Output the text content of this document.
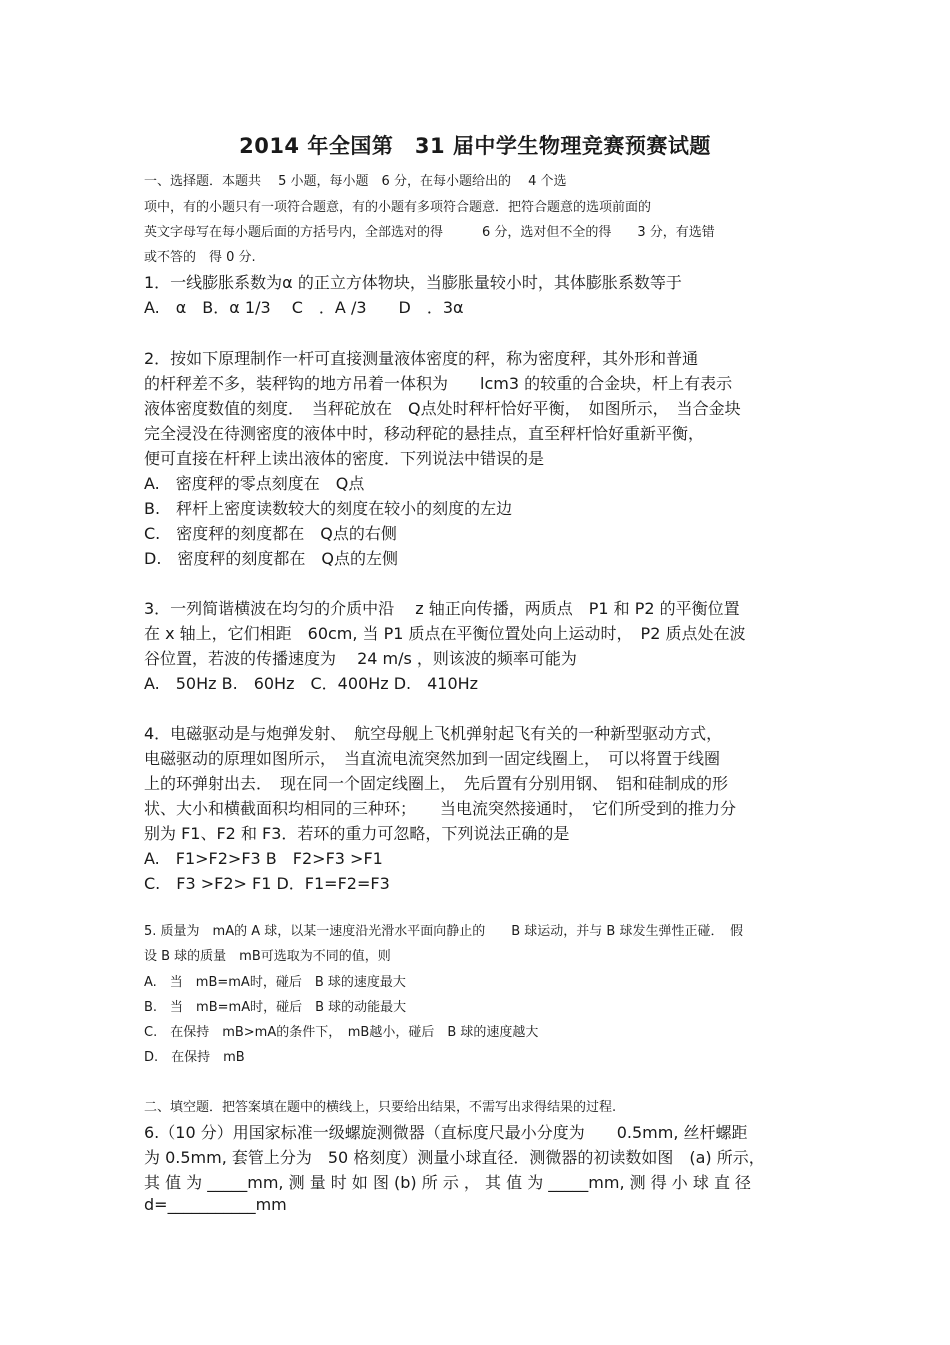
2014 年全国第　31 届中学生物理竞赛预赛试题
一、选择题．本题共　 5 小题，每小题　6 分，在每小题给出的　 4 个选
项中，有的小题只有一项符合题意，有的小题有多项符合题意．把符合题意的选项前面的
英文字母写在每小题后面的方括号内，全部选对的得　　　6 分，选对但不全的得　　3 分，有选错
或不答的　得 0 分.
1．一线膨胀系数为α 的正立方体物块，当膨胀量较小时，其体膨胀系数等于
A.　α　B．α 1/3　 C　．A /3　　D　．3α
2．按如下原理制作一杆可直接测量液体密度的秤，称为密度秤，其外形和普通
的杆秤差不多，装秤钩的地方吊着一体积为　　lcm3 的较重的合金块，杆上有表示
液体密度数值的刻度．　当秤砣放在　Q点处时秤杆恰好平衡，　如图所示，　当合金块
完全浸没在待测密度的液体中时，移动秤砣的悬挂点，直至秤杆恰好重新平衡，
便可直接在杆秤上读出液体的密度．下列说法中错误的是
A.　密度秤的零点刻度在　Q点
B.　秤杆上密度读数较大的刻度在较小的刻度的左边
C.　密度秤的刻度都在　Q点的右侧
D.　密度秤的刻度都在　Q点的左侧
3．一列简谐横波在均匀的介质中沿　 z 轴正向传播，两质点　P1 和 P2 的平衡位置
在 x 轴上，它们相距　60cm, 当 P1 质点在平衡位置处向上运动时，　P2 质点处在波
谷位置，若波的传播速度为　 24 m/s ，则该波的频率可能为
A.　50Hz B.　60Hz　C．400Hz D.　410Hz
4．电磁驱动是与炮弹发射、　航空母舰上飞机弹射起飞有关的一种新型驱动方式，
电磁驱动的原理如图所示，　当直流电流突然加到一固定线圈上，　可以将置于线圈
上的环弹射出去．　现在同一个固定线圈上，　先后置有分别用钢、　铝和硅制成的形
状、大小和横截面积均相同的三种环；　　当电流突然接通时，　它们所受到的推力分
别为 F1、F2 和 F3．若环的重力可忽略，下列说法正确的是
A.　F1>F2>F3 B　F2>F3 >F1
C.　F3 >F2> F1 D．F1=F2=F3
5. 质量为　mA的 A 球，以某一速度沿光滑水平面向静止的　　B 球运动，并与 B 球发生弹性正碰．　假
设 B 球的质量　mB可选取为不同的值，则
A.　当　mB=mA时，碰后　B 球的速度最大
B.　当　mB=mA时，碰后　B 球的动能最大
C.　在保持　mB>mA的条件下，　mB越小，碰后　B 球的速度越大
D.　在保持　mB
二、填空题．把答案填在题中的横线上，只要给出结果，不需写出求得结果的过程.
6.（10 分）用国家标准一级螺旋测微器（直标度尺最小分度为　　0.5mm, 丝杆螺距
为 0.5mm, 套管上分为　50 格刻度）测量小球直径．测微器的初读数如图　(a) 所示，
其 值 为 _____mm, 测 量 时 如 图 (b) 所 示 ， 其 值 为 _____mm, 测 得 小 球 直 径
d=___________mm
